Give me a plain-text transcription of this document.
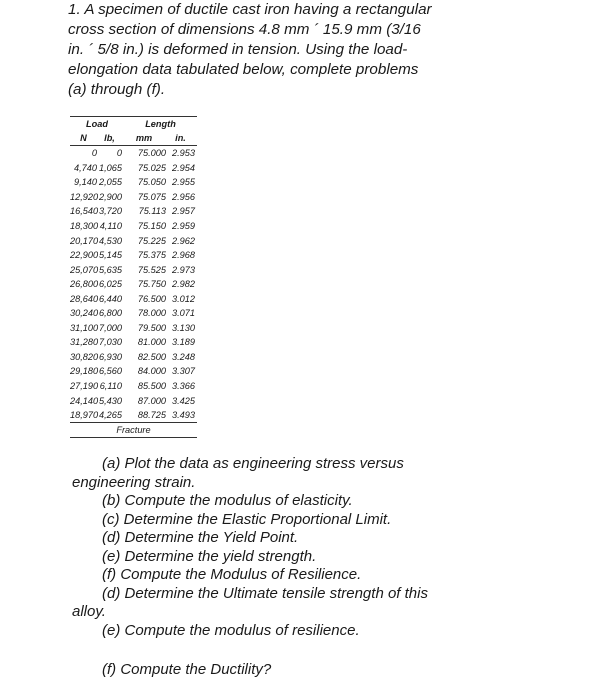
1. A specimen of ductile cast iron having a rectangular
cross section of dimensions 4.8 mm ´ 15.9 mm (3/16
in. ´ 5/8 in.) is deformed in tension. Using the load-
elongation data tabulated below, complete problems
(a) through (f).
Load	Length
N	lb,	mm	in.
0	0	75.000 2.953
4,740 1,065	75.025 2.954
9,140 2,055	75.050 2.955
12,920 2,900	75.075 2.956
16,540 3,720	75.113 2.957
18,300 4,110	75.150 2.959
20,170 4,530	75.225 2.962
22,900 5,145	75.375 2.968
25,070 5,635	75.525 2.973
26,800 6,025	75.750 2.982
28,640 6,440	76.500 3.012
30,240 6,800	78.000 3.071
31,100 7,000	79.500 3.130
31,280 7,030	81.000 3.189
30,820 6,930	82.500 3.248
29,180 6,560	84.000 3.307
27,190 6,110	85.500 3.366
24,140 5,430	87.000 3.425
18,970 4,265	88.725 3.493
Fracture
(a) Plot the data as engineering stress versus
engineering strain.
(b) Compute the modulus of elasticity.
(c) Determine the Elastic Proportional Limit.
(d) Determine the Yield Point.
(e) Determine the yield strength.
(f) Compute the Modulus of Resilience.
(d) Determine the Ultimate tensile strength of this
alloy.
(e) Compute the modulus of resilience.
(f) Compute the Ductility?
